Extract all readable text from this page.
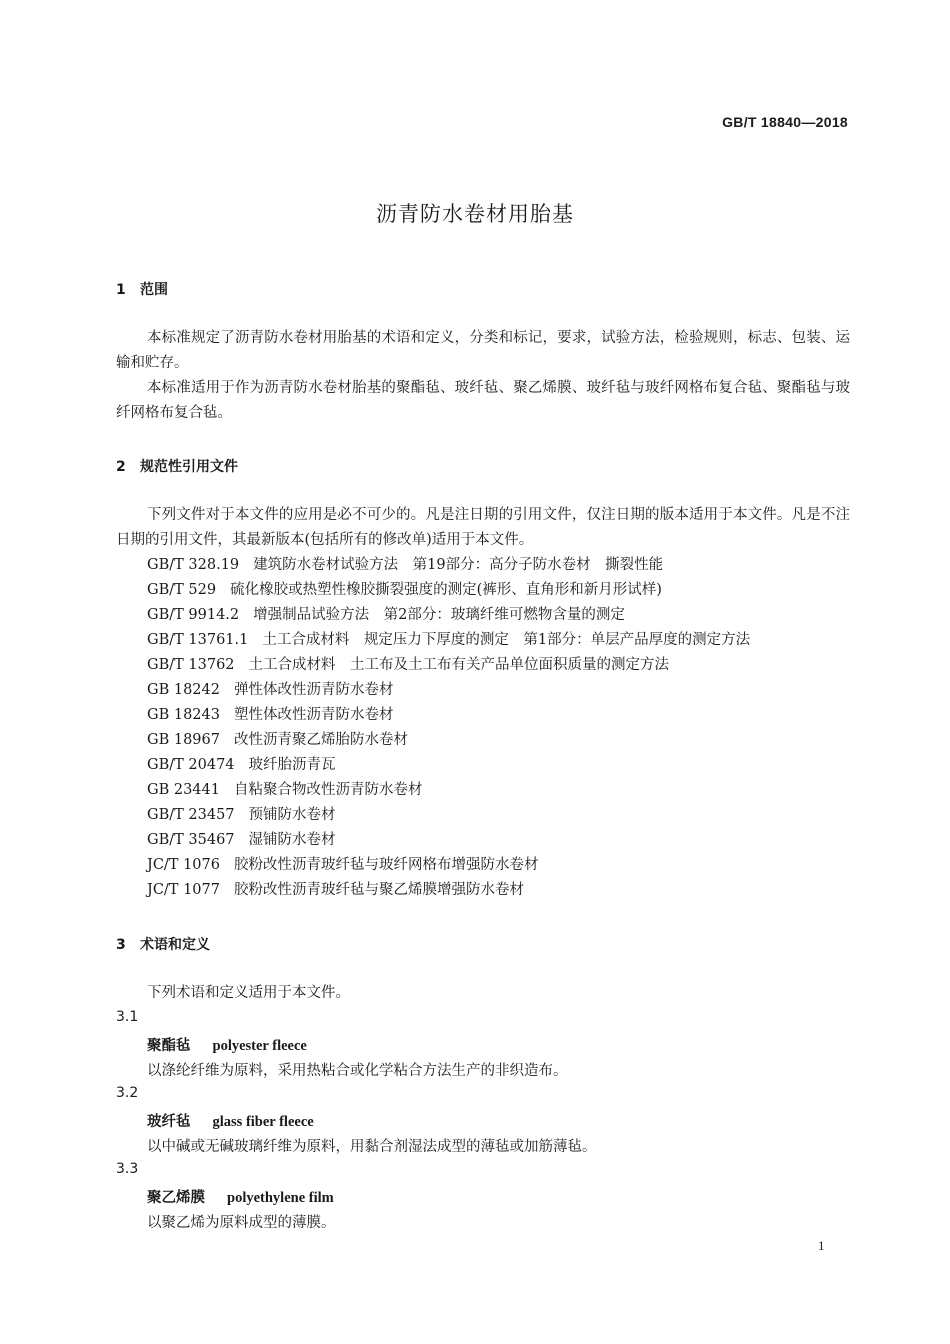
GB/T 18840—2018
沥青防水卷材用胎基
1 范围
本标准规定了沥青防水卷材用胎基的术语和定义，分类和标记，要求，试验方法，检验规则，标志、包装、运输和贮存。
本标准适用于作为沥青防水卷材胎基的聚酯毡、玻纤毡、聚乙烯膜、玻纤毡与玻纤网格布复合毡、聚酯毡与玻纤网格布复合毡。
2 规范性引用文件
下列文件对于本文件的应用是必不可少的。凡是注日期的引用文件，仅注日期的版本适用于本文件。凡是不注日期的引用文件，其最新版本(包括所有的修改单)适用于本文件。
GB/T 328.19 建筑防水卷材试验方法　第19部分：高分子防水卷材　撕裂性能
GB/T 529 硫化橡胶或热塑性橡胶撕裂强度的测定(裤形、直角形和新月形试样)
GB/T 9914.2 增强制品试验方法　第2部分：玻璃纤维可燃物含量的测定
GB/T 13761.1 土工合成材料　规定压力下厚度的测定　第1部分：单层产品厚度的测定方法
GB/T 13762 土工合成材料　土工布及土工布有关产品单位面积质量的测定方法
GB 18242 弹性体改性沥青防水卷材
GB 18243 塑性体改性沥青防水卷材
GB 18967 改性沥青聚乙烯胎防水卷材
GB/T 20474 玻纤胎沥青瓦
GB 23441 自粘聚合物改性沥青防水卷材
GB/T 23457 预铺防水卷材
GB/T 35467 湿铺防水卷材
JC/T 1076 胶粉改性沥青玻纤毡与玻纤网格布增强防水卷材
JC/T 1077 胶粉改性沥青玻纤毡与聚乙烯膜增强防水卷材
3 术语和定义
下列术语和定义适用于本文件。
3.1
聚酯毡 polyester fleece
以涤纶纤维为原料，采用热粘合或化学粘合方法生产的非织造布。
3.2
玻纤毡 glass fiber fleece
以中碱或无碱玻璃纤维为原料，用黏合剂湿法成型的薄毡或加筋薄毡。
3.3
聚乙烯膜 polyethylene film
以聚乙烯为原料成型的薄膜。
1
